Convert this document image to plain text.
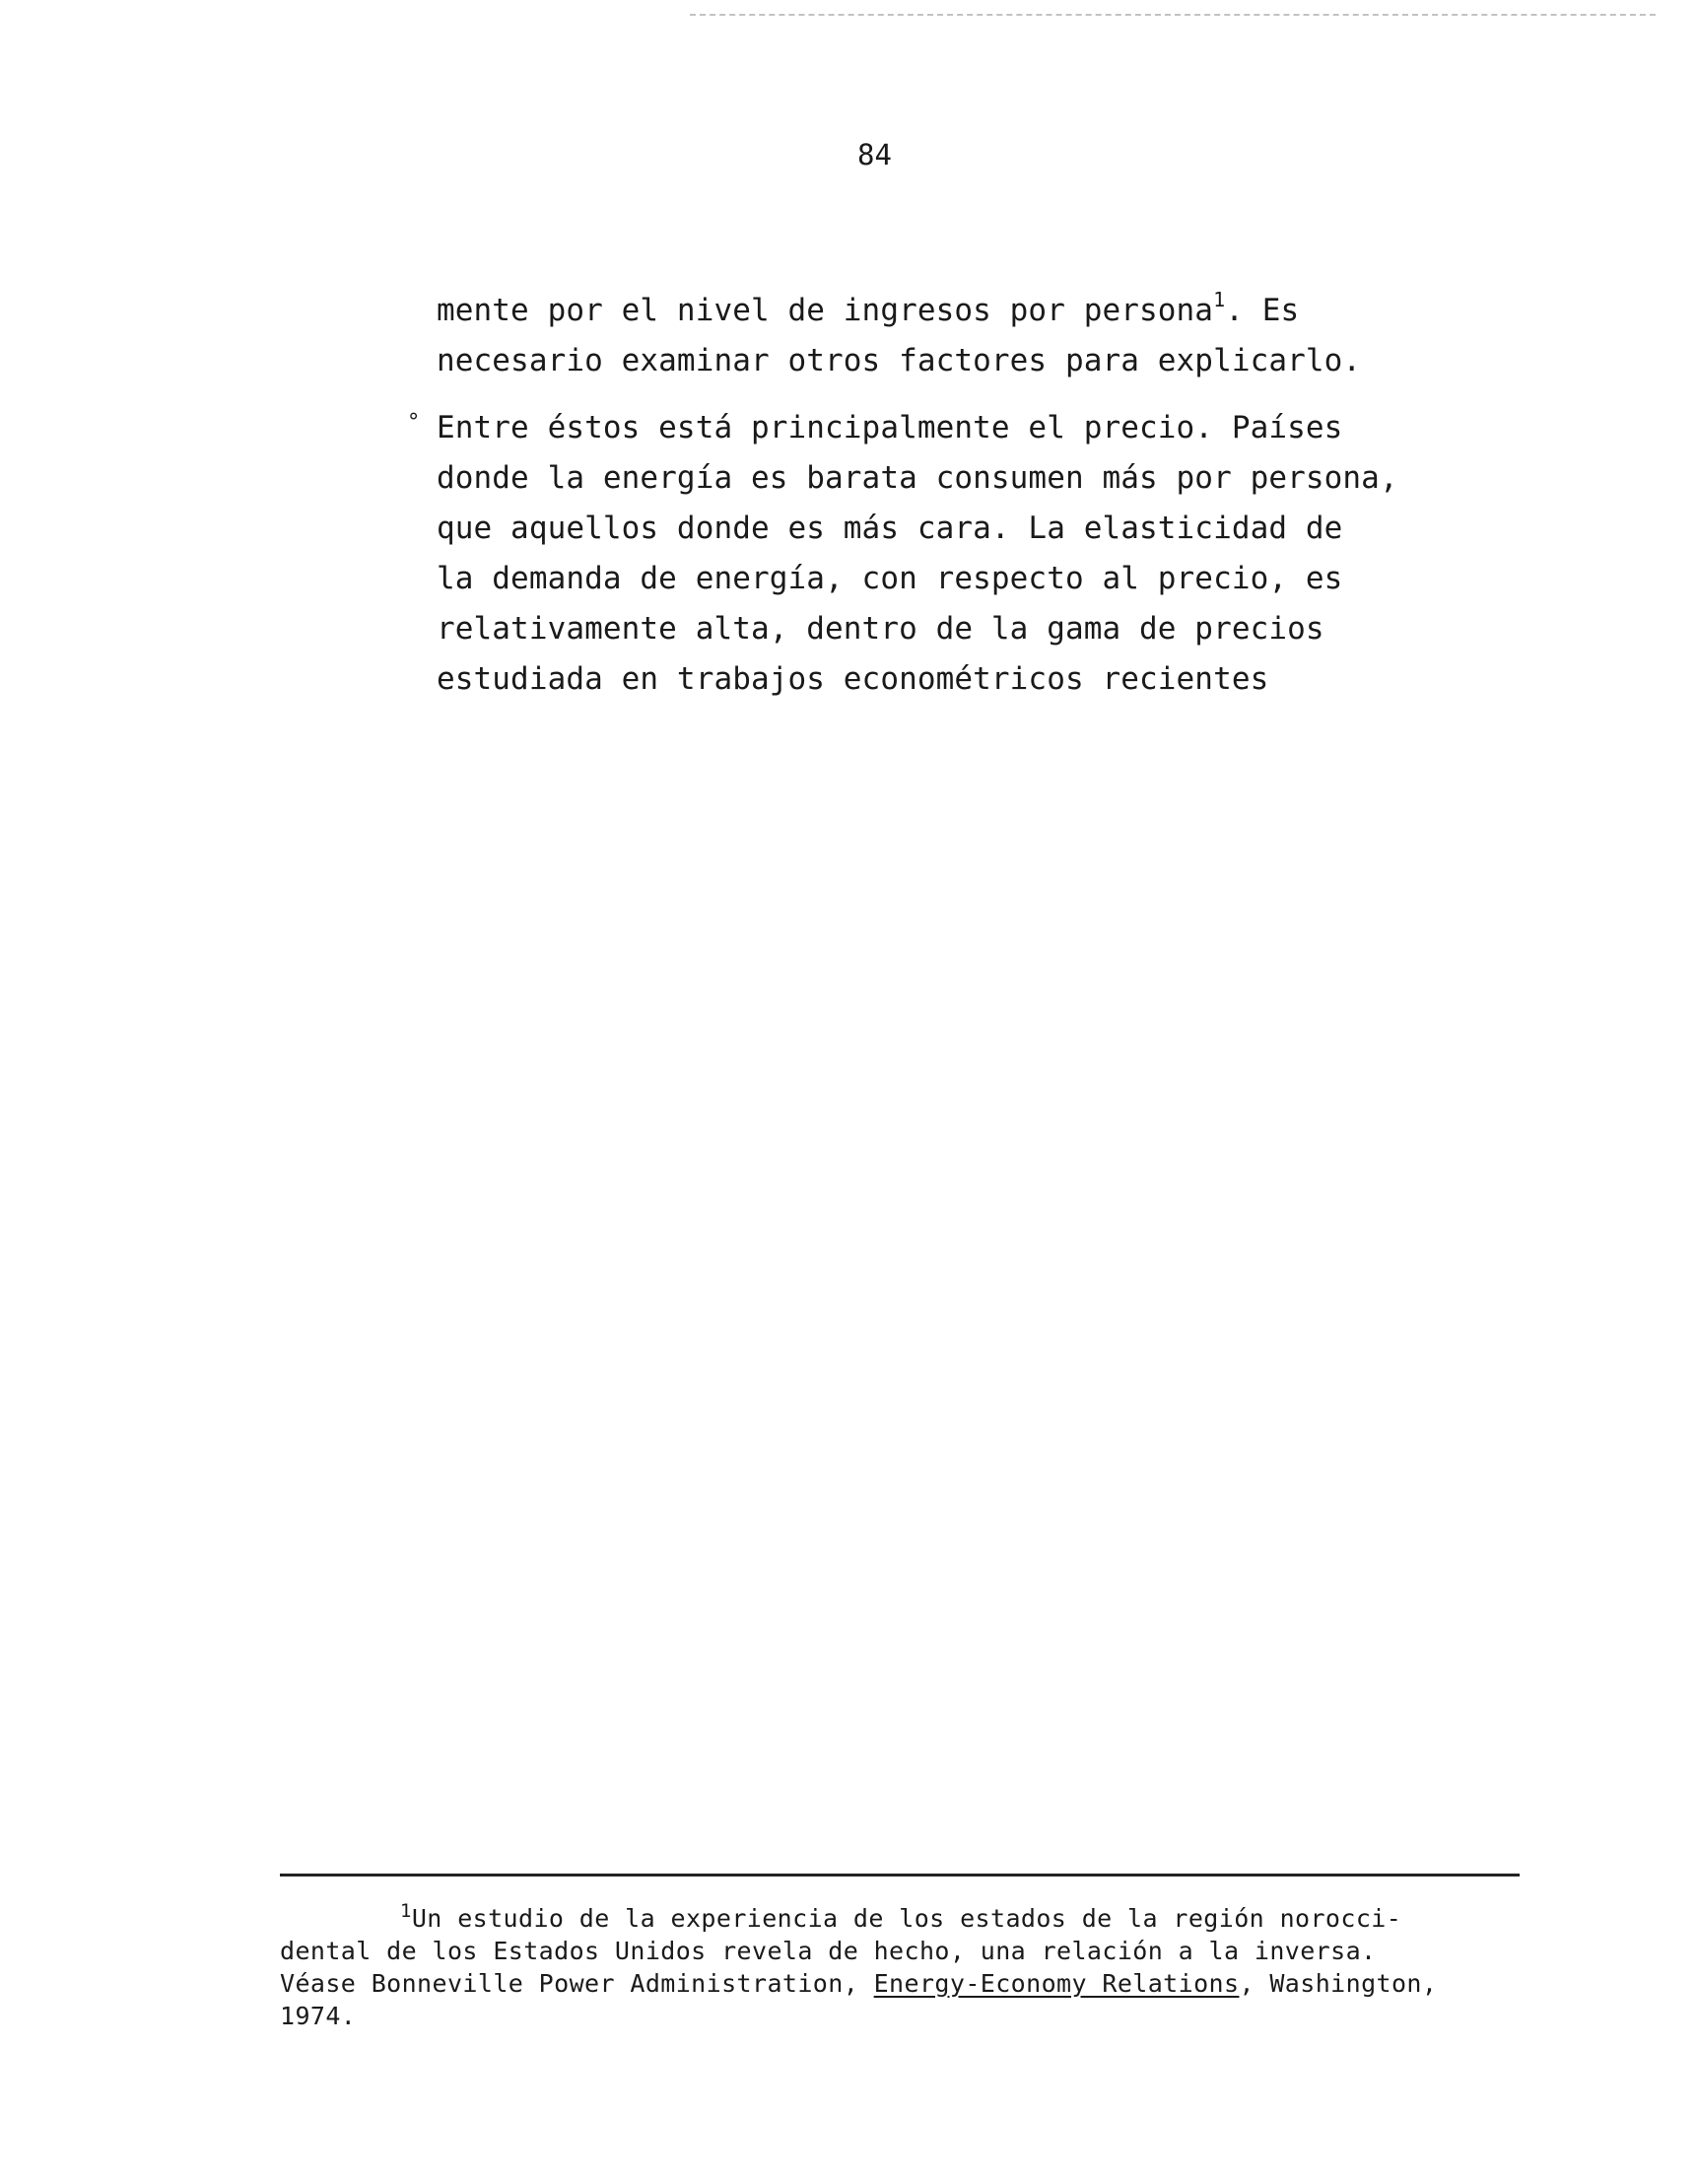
84
mente por el nivel de ingresos por persona$^1$. Es
necesario examinar otros factores para explicarlo.
° Entre éstos está principalmente el precio. Países
donde la energía es barata consumen más por persona,
que aquellos donde es más cara. La elasticidad de
la demanda de energía, con respecto al precio, es
relativamente alta, dentro de la gama de precios
estudiada en trabajos econométricos recientes
$^1$Un estudio de la experiencia de los estados de la región norocci-
dental de los Estados Unidos revela de hecho, una relación a la inversa.
Véase Bonneville Power Administration, Energy-Economy Relations, Washington,
1974.
